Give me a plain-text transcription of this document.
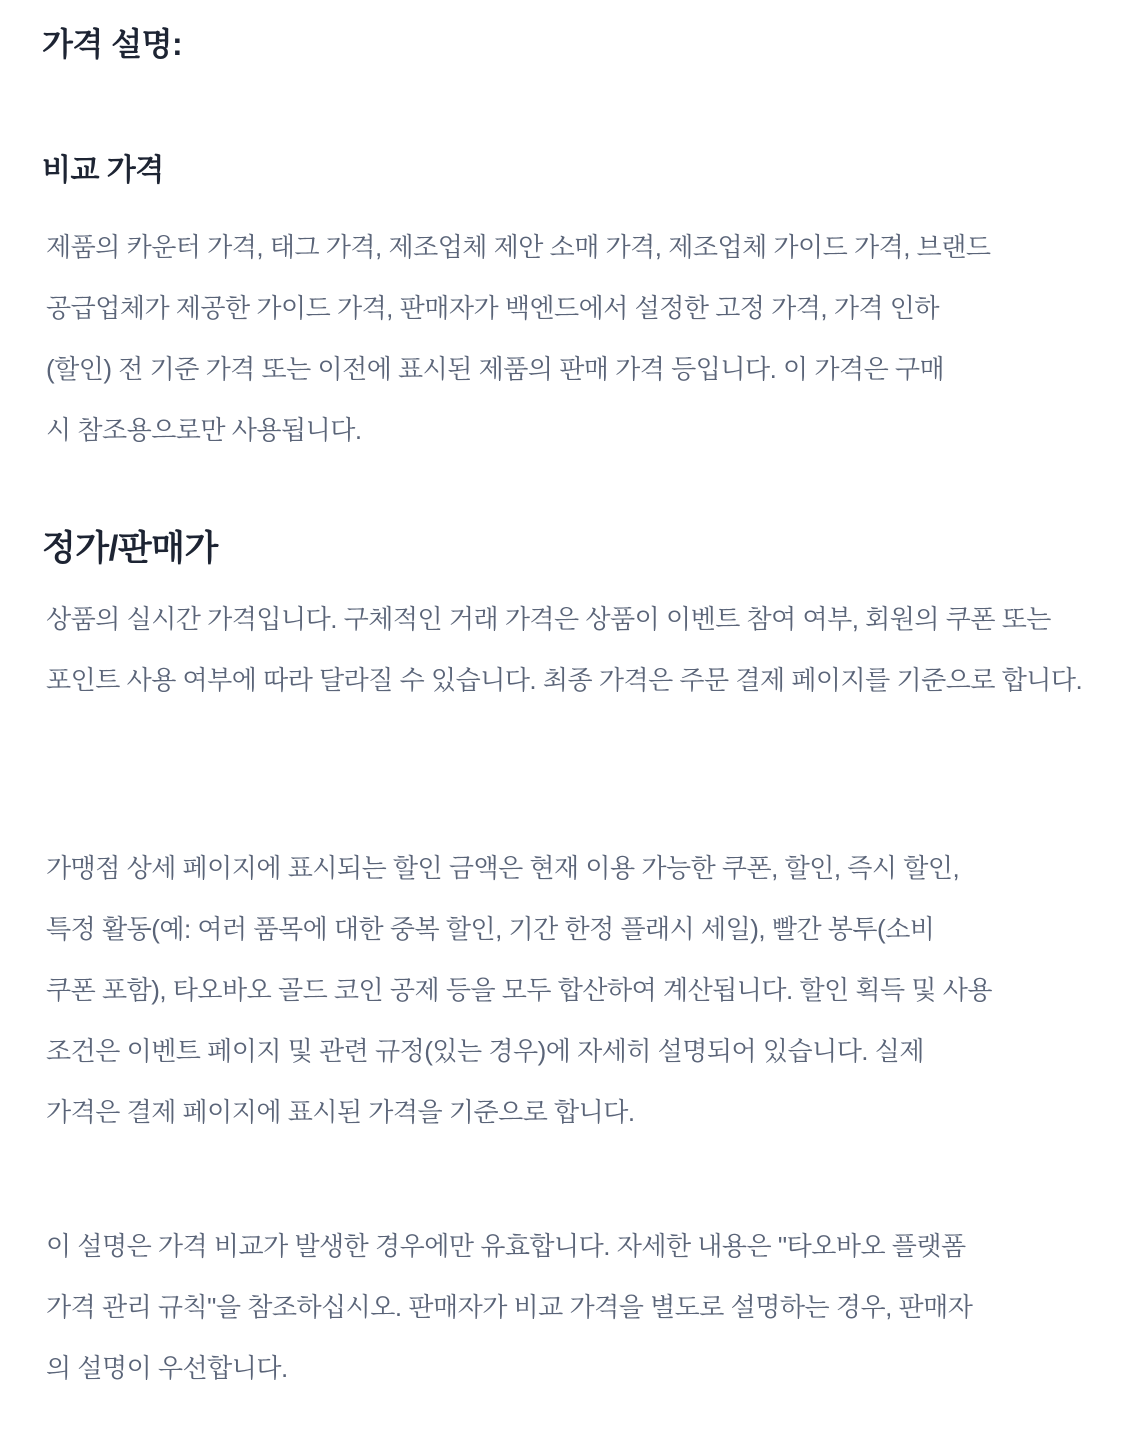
가격 설명:
비교 가격
제품의 카운터 가격, 태그 가격, 제조업체 제안 소매 가격, 제조업체 가이드 가격, 브랜드
공급업체가 제공한 가이드 가격, 판매자가 백엔드에서 설정한 고정 가격, 가격 인하
(할인) 전 기준 가격 또는 이전에 표시된 제품의 판매 가격 등입니다. 이 가격은 구매
시 참조용으로만 사용됩니다.
정가/판매가
상품의 실시간 가격입니다. 구체적인 거래 가격은 상품이 이벤트 참여 여부, 회원의 쿠폰 또는
포인트 사용 여부에 따라 달라질 수 있습니다. 최종 가격은 주문 결제 페이지를 기준으로 합니다.
가맹점 상세 페이지에 표시되는 할인 금액은 현재 이용 가능한 쿠폰, 할인, 즉시 할인,
특정 활동(예: 여러 품목에 대한 중복 할인, 기간 한정 플래시 세일), 빨간 봉투(소비
쿠폰 포함), 타오바오 골드 코인 공제 등을 모두 합산하여 계산됩니다. 할인 획득 및 사용
조건은 이벤트 페이지 및 관련 규정(있는 경우)에 자세히 설명되어 있습니다. 실제
가격은 결제 페이지에 표시된 가격을 기준으로 합니다.
이 설명은 가격 비교가 발생한 경우에만 유효합니다. 자세한 내용은 "타오바오 플랫폼
가격 관리 규칙"을 참조하십시오. 판매자가 비교 가격을 별도로 설명하는 경우, 판매자
의 설명이 우선합니다.
